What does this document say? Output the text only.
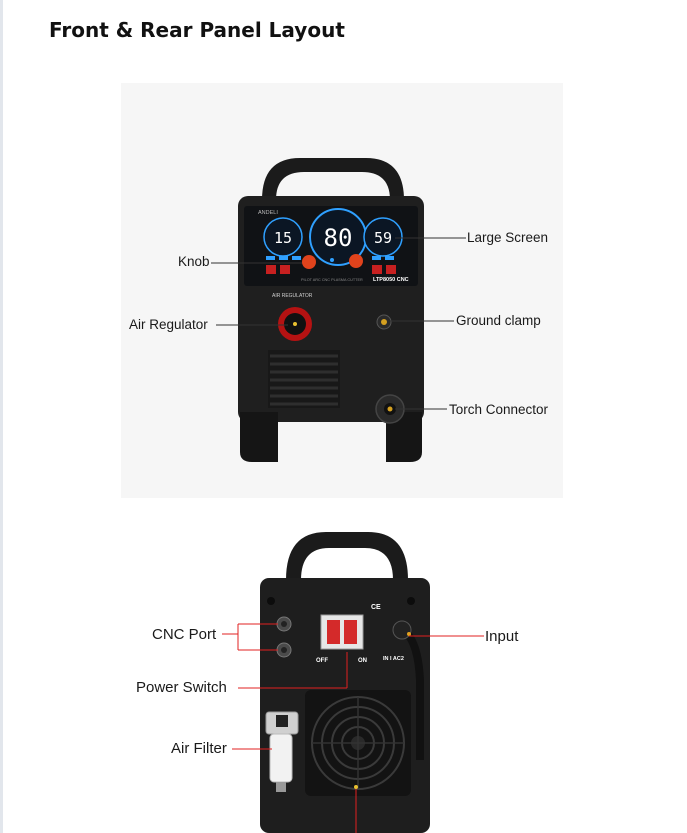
Front & Rear Panel Layout
15 80 59
ANDELI
LTP8050 CNC
PILOT ARC CNC PLASMA CUTTER
AIR REGULATOR
Large Screen
Knob
Air Regulator	Ground clamp
Torch Connector
OFF	ON
CE
IN I AC2
CNC Port	Input
Power Switch
Air Filter
